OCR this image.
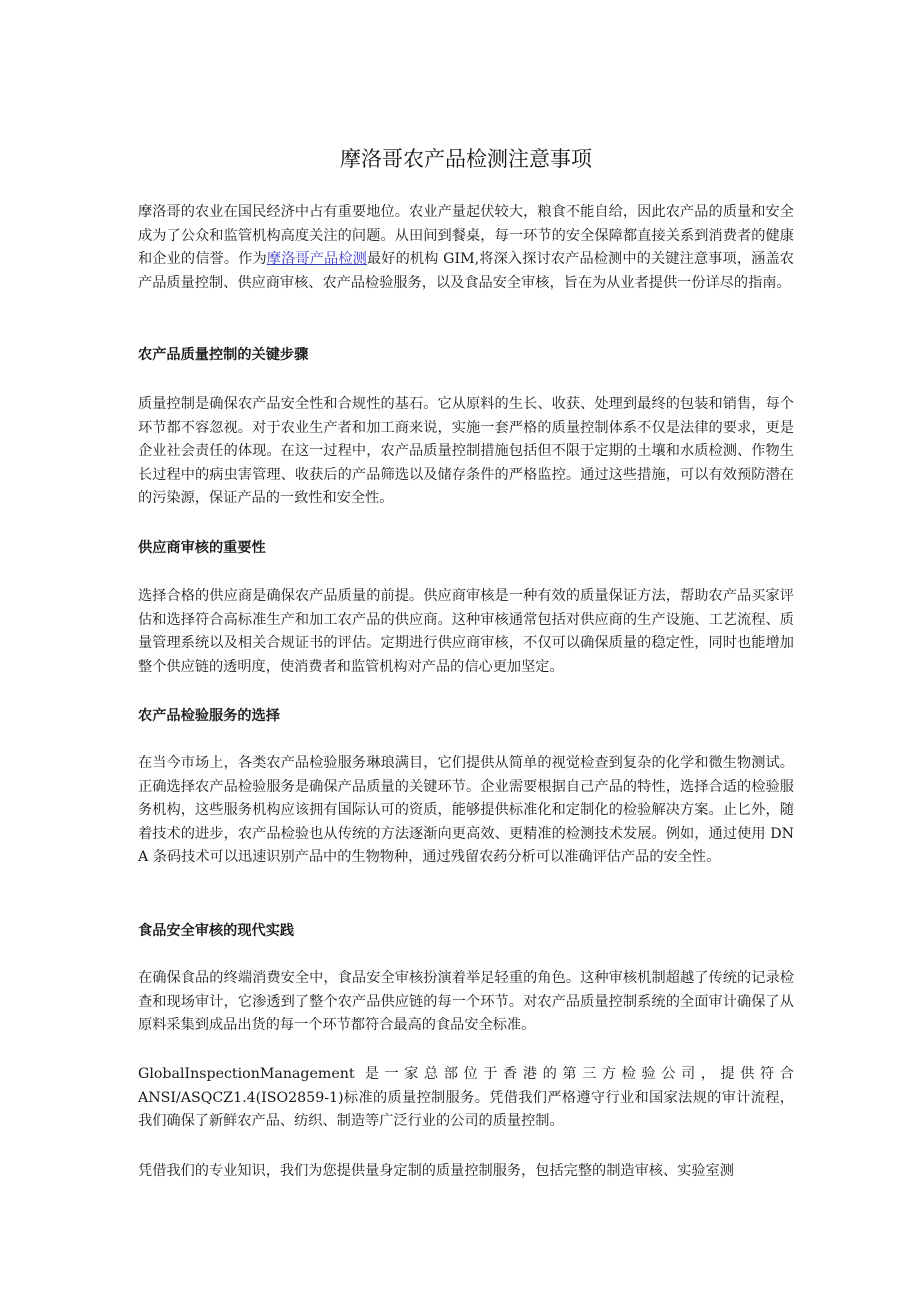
摩洛哥农产品检测注意事项

摩洛哥的农业在国民经济中占有重要地位。农业产量起伏较大，粮食不能自给，因此农产品的质量和安全成为了公众和监管机构高度关注的问题。从田间到餐桌，每一环节的安全保障都直接关系到消费者的健康和企业的信誉。作为摩洛哥产品检测最好的机构 GIM,将深入探讨农产品检测中的关键注意事项，涵盖农产品质量控制、供应商审核、农产品检验服务，以及食品安全审核，旨在为从业者提供一份详尽的指南。

农产品质量控制的关键步骤

质量控制是确保农产品安全性和合规性的基石。它从原料的生长、收获、处理到最终的包装和销售，每个环节都不容忽视。对于农业生产者和加工商来说，实施一套严格的质量控制体系不仅是法律的要求，更是企业社会责任的体现。在这一过程中，农产品质量控制措施包括但不限于定期的土壤和水质检测、作物生长过程中的病虫害管理、收获后的产品筛选以及储存条件的严格监控。通过这些措施，可以有效预防潜在的污染源，保证产品的一致性和安全性。

供应商审核的重要性

选择合格的供应商是确保农产品质量的前提。供应商审核是一种有效的质量保证方法，帮助农产品买家评估和选择符合高标准生产和加工农产品的供应商。这种审核通常包括对供应商的生产设施、工艺流程、质量管理系统以及相关合规证书的评估。定期进行供应商审核，不仅可以确保质量的稳定性，同时也能增加整个供应链的透明度，使消费者和监管机构对产品的信心更加坚定。

农产品检验服务的选择

在当今市场上，各类农产品检验服务琳琅满目，它们提供从简单的视觉检查到复杂的化学和微生物测试。正确选择农产品检验服务是确保产品质量的关键环节。企业需要根据自己产品的特性，选择合适的检验服务机构，这些服务机构应该拥有国际认可的资质，能够提供标准化和定制化的检验解决方案。止匕外，随着技术的进步，农产品检验也从传统的方法逐渐向更高效、更精准的检测技术发展。例如，通过使用 DNA 条码技术可以迅速识别产品中的生物物种，通过残留农药分析可以准确评估产品的安全性。

食品安全审核的现代实践

在确保食品的终端消费安全中，食品安全审核扮演着举足轻重的角色。这种审核机制超越了传统的记录检查和现场审计，它渗透到了整个农产品供应链的每一个环节。对农产品质量控制系统的全面审计确保了从原料采集到成品出货的每一个环节都符合最高的食品安全标准。

GlobalInspectionManagement 是一家总部位于香港的第三方检验公司，提供符合
ANSI/ASQCZ1.4(ISO2859-1)标准的质量控制服务。凭借我们严格遵守行业和国家法规的审计流程，我们确保了新鲜农产品、纺织、制造等广泛行业的公司的质量控制。

凭借我们的专业知识，我们为您提供量身定制的质量控制服务，包括完整的制造审核、实验室测
